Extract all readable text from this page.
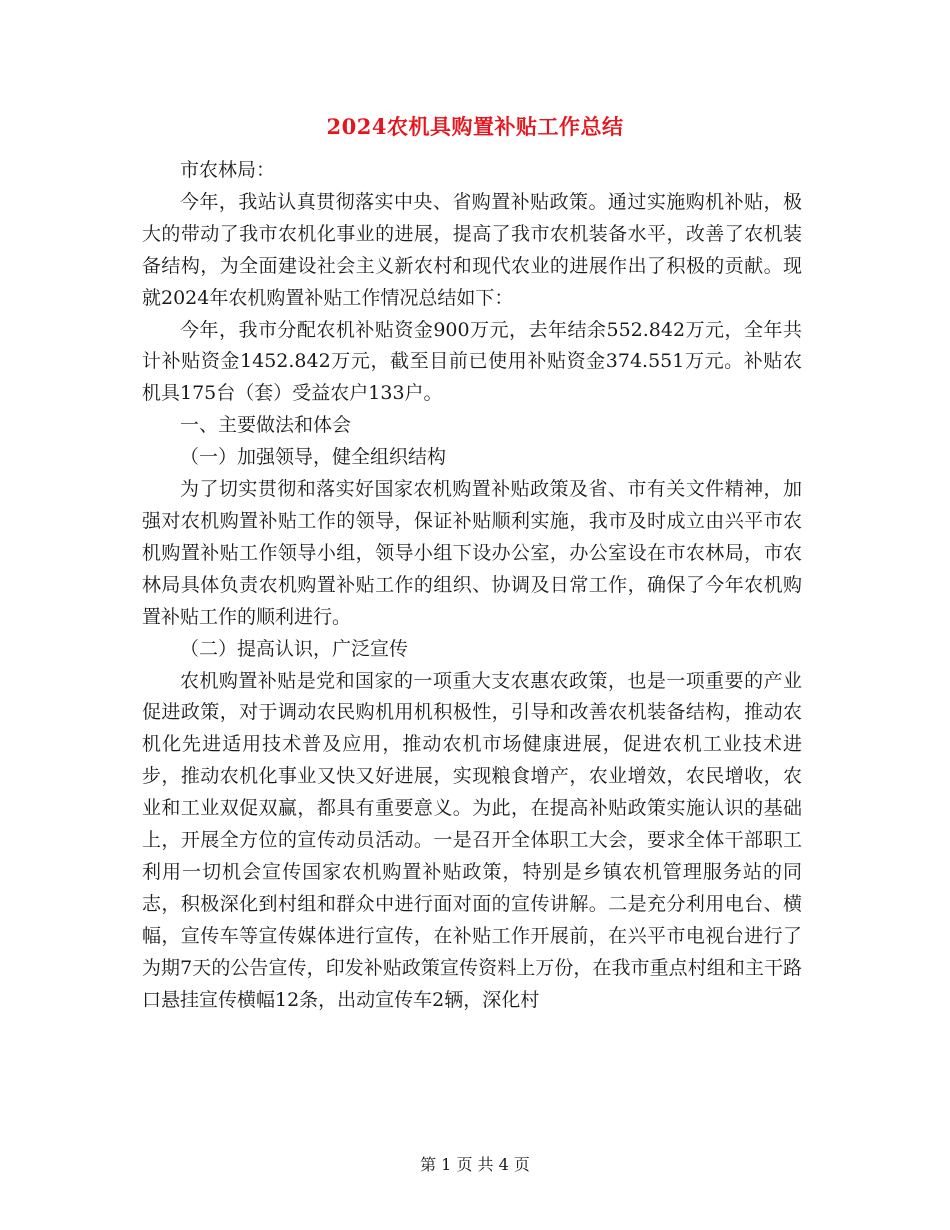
2024农机具购置补贴工作总结

市农林局：

今年，我站认真贯彻落实中央、省购置补贴政策。通过实施购机补贴，极大的带动了我市农机化事业的进展，提高了我市农机装备水平，改善了农机装备结构，为全面建设社会主义新农村和现代农业的进展作出了积极的贡献。现就2024年农机购置补贴工作情况总结如下：

今年，我市分配农机补贴资金900万元，去年结余552.842万元，全年共计补贴资金1452.842万元，截至目前已使用补贴资金374.551万元。补贴农机具175台（套）受益农户133户。

一、主要做法和体会

（一）加强领导，健全组织结构

为了切实贯彻和落实好国家农机购置补贴政策及省、市有关文件精神，加强对农机购置补贴工作的领导，保证补贴顺利实施，我市及时成立由兴平市农机购置补贴工作领导小组，领导小组下设办公室，办公室设在市农林局，市农林局具体负责农机购置补贴工作的组织、协调及日常工作，确保了今年农机购置补贴工作的顺利进行。

（二）提高认识，广泛宣传

农机购置补贴是党和国家的一项重大支农惠农政策，也是一项重要的产业促进政策，对于调动农民购机用机积极性，引导和改善农机装备结构，推动农机化先进适用技术普及应用，推动农机市场健康进展，促进农机工业技术进步，推动农机化事业又快又好进展，实现粮食增产，农业增效，农民增收，农业和工业双促双赢，都具有重要意义。为此，在提高补贴政策实施认识的基础上，开展全方位的宣传动员活动。一是召开全体职工大会，要求全体干部职工利用一切机会宣传国家农机购置补贴政策，特别是乡镇农机管理服务站的同志，积极深化到村组和群众中进行面对面的宣传讲解。二是充分利用电台、横幅，宣传车等宣传媒体进行宣传，在补贴工作开展前，在兴平市电视台进行了为期7天的公告宣传，印发补贴政策宣传资料上万份，在我市重点村组和主干路口悬挂宣传横幅12条，出动宣传车2辆，深化村

第 1 页 共 4 页
